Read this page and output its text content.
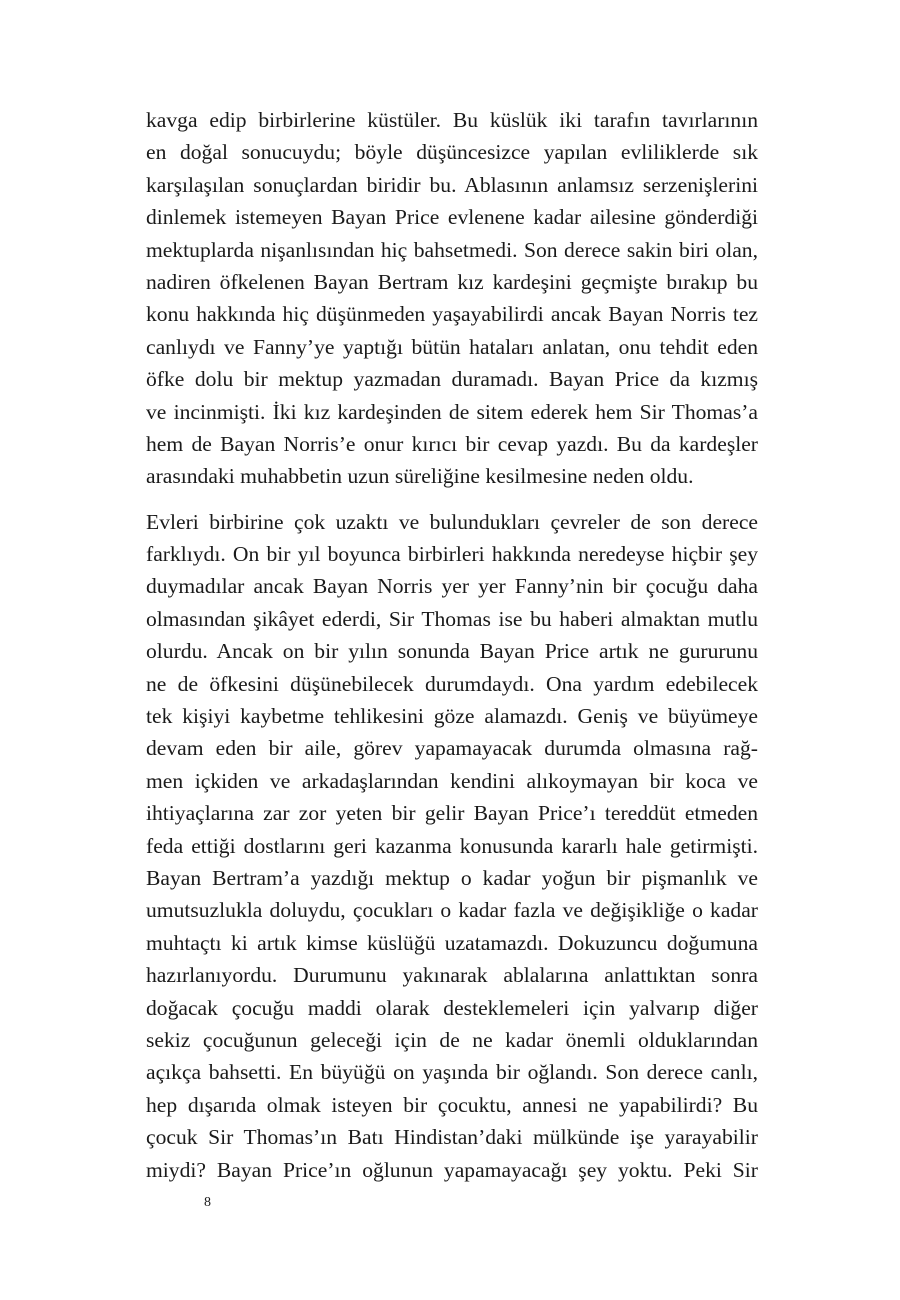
kavga edip birbirlerine küstüler. Bu küslük iki tarafın tavırlarının
en doğal sonucuydu; böyle düşüncesizce yapılan evliliklerde sık
karşılaşılan sonuçlardan biridir bu. Ablasının anlamsız serzenişlerini
dinlemek istemeyen Bayan Price evlenene kadar ailesine gönderdiği
mektuplarda nişanlısından hiç bahsetmedi. Son derece sakin biri olan,
nadiren öfkelenen Bayan Bertram kız kardeşini geçmişte bırakıp bu
konu hakkında hiç düşünmeden yaşayabilirdi ancak Bayan Norris tez
canlıydı ve Fanny’ye yaptığı bütün hataları anlatan, onu tehdit eden
öfke dolu bir mektup yazmadan duramadı. Bayan Price da kızmış
ve incinmişti. İki kız kardeşinden de sitem ederek hem Sir Thomas’a
hem de Bayan Norris’e onur kırıcı bir cevap yazdı. Bu da kardeşler
arasındaki muhabbetin uzun süreliğine kesilmesine neden oldu.

Evleri birbirine çok uzaktı ve bulundukları çevreler de son derece
farklıydı. On bir yıl boyunca birbirleri hakkında neredeyse hiçbir şey
duymadılar ancak Bayan Norris yer yer Fanny’nin bir çocuğu daha
olmasından şikâyet ederdi, Sir Thomas ise bu haberi almaktan mutlu
olurdu. Ancak on bir yılın sonunda Bayan Price artık ne gururunu
ne de öfkesini düşünebilecek durumdaydı. Ona yardım edebilecek
tek kişiyi kaybetme tehlikesini göze alamazdı. Geniş ve büyümeye
devam eden bir aile, görev yapamayacak durumda olmasına rağ-
men içkiden ve arkadaşlarından kendini alıkoymayan bir koca ve
ihtiyaçlarına zar zor yeten bir gelir Bayan Price’ı tereddüt etmeden
feda ettiği dostlarını geri kazanma konusunda kararlı hale getirmişti.
Bayan Bertram’a yazdığı mektup o kadar yoğun bir pişmanlık ve
umutsuzlukla doluydu, çocukları o kadar fazla ve değişikliğe o kadar
muhtaçtı ki artık kimse küslüğü uzatamazdı. Dokuzuncu doğumuna
hazırlanıyordu. Durumunu yakınarak ablalarına anlattıktan sonra
doğacak çocuğu maddi olarak desteklemeleri için yalvarıp diğer
sekiz çocuğunun geleceği için de ne kadar önemli olduklarından
açıkça bahsetti. En büyüğü on yaşında bir oğlandı. Son derece canlı,
hep dışarıda olmak isteyen bir çocuktu, annesi ne yapabilirdi? Bu
çocuk Sir Thomas’ın Batı Hindistan’daki mülkünde işe yarayabilir
miydi? Bayan Price’ın oğlunun yapamayacağı şey yoktu. Peki Sir

8
